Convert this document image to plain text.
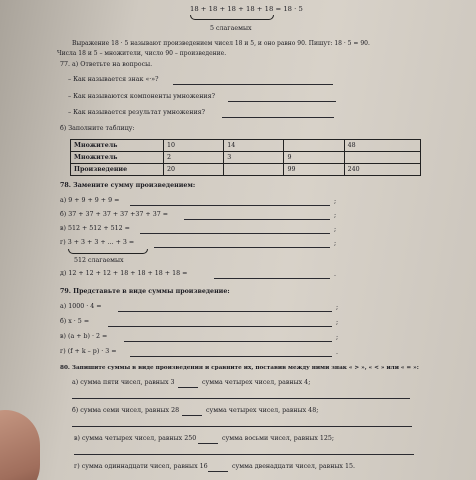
18 + 18 + 18 + 18 + 18 = 18 · 5
5 слагаемых
Выражение 18 · 5 называют произведением чисел 18 и 5, и оно равно 90. Пишут: 18 · 5 = 90.
Числа 18 и 5 – множители, число 90 – произведение.
77. а) Ответьте на вопросы.
– Как называется знак «·»?
– Как называются компоненты умножения?
– Как называется результат умножения?
б) Заполните таблицу:
Множитель	10	14		48
Множитель	2	3	9	
Произведение	20		99	240
78. Замените сумму произведением:
а) 9 + 9 + 9 + 9 =	;
б) 37 + 37 + 37 + 37 +37 + 37 =	;
в) 512 + 512 + 512 =	;
г) 3 + 3 + 3 + ... + 3 =	;
512 слагаемых
д) 12 + 12 + 12 + 18 + 18 + 18 + 18 =	.
79. Представьте в виде суммы произведение:
а) 1000 · 4 =	;
б) x · 5 =	;
в) (a + b) · 2 =	;
г) (f + k – p) · 3 =	.
80. Запишите суммы в виде произведения и сравните их, поставив между ними знак « > », « < » или « = »:
а) сумма пяти чисел, равных 3	сумма четырех чисел, равных 4;
б) сумма семи чисел, равных 28	сумма четырех чисел, равных 48;
в) сумма четырех чисел, равных 250	сумма восьми чисел, равных 125;
г) сумма одиннадцати чисел, равных 16	сумма двенадцати чисел, равных 15.
